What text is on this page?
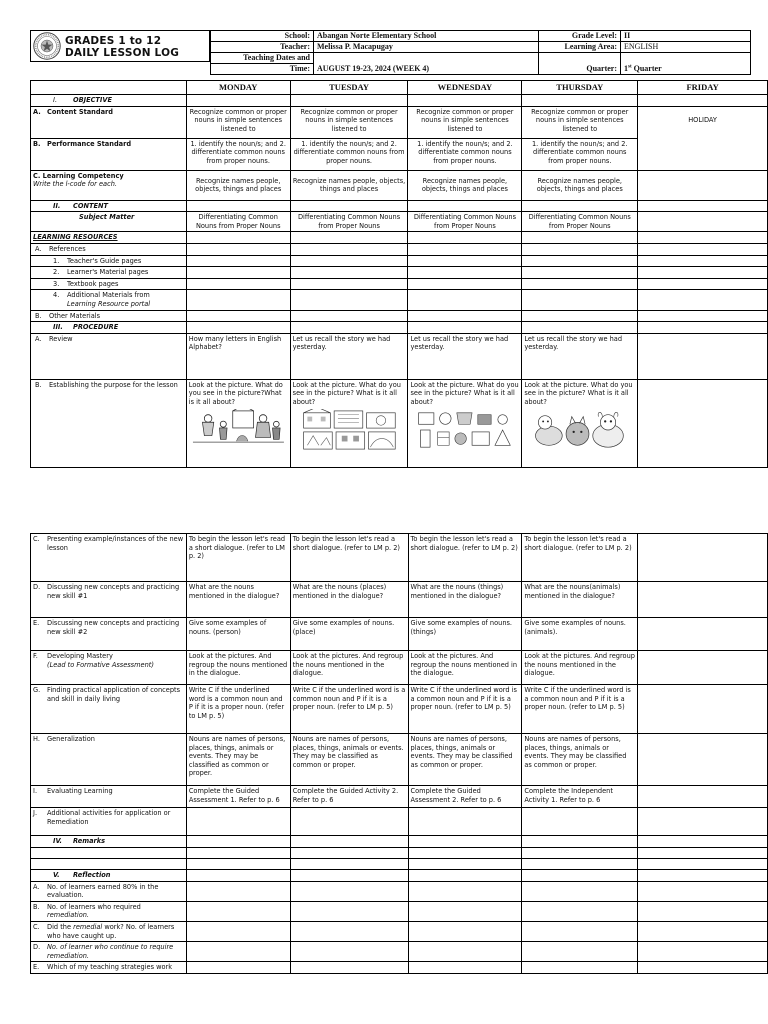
GRADES 1 to 12
DAILY LESSON LOG
School:	Abangan Norte Elementary School	Grade Level:	II
Teacher:	Melissa P. Macapugay	Learning Area:	ENGLISH
Teaching Dates and	AUGUST 19-23, 2024 (WEEK 4)	Quarter:	1st Quarter
Time:			
	MONDAY	TUESDAY	WEDNESDAY	THURSDAY	FRIDAY
I. OBJECTIVE					
A. Content Standard	Recognize common or proper nouns in simple sentences listened to	Recognize common or proper nouns in simple sentences listened to	Recognize common or proper nouns in simple sentences listened to	Recognize common or proper nouns in simple sentences listened to	HOLIDAY
B. Performance Standard	1. identify the noun/s; and 2. differentiate common nouns from proper nouns.	1. identify the noun/s; and 2. differentiate common nouns from proper nouns.	1. identify the noun/s; and 2. differentiate common nouns from proper nouns.	1. identify the noun/s; and 2. differentiate common nouns from proper nouns.	

C. Learning Competency
Write the l-code for each.	Recognize names people, objects, things and places	Recognize names people, objects, things and places	Recognize names people, objects, things and places	Recognize names people, objects, things and places	
II. CONTENT					
Subject Matter	Differentiating Common Nouns from Proper Nouns	Differentiating Common Nouns from Proper Nouns	Differentiating Common Nouns from Proper Nouns	Differentiating Common Nouns from Proper Nouns	
LEARNING RESOURCES					
A. References					
1. Teacher's Guide pages					
2. Learner's Material pages					
3. Textbook pages					

4. Additional Materials from
Learning Resource portal					

B. Other Materials					
III. PROCEDURE					
A. Review	How many letters in English Alphabet?	Let us recall the story we had yesterday.	Let us recall the story we had yesterday.	Let us recall the story we had yesterday.	
B. Establishing the purpose for the lesson	Look at the picture. What do you see in the picture?What is it all about?	Look at the picture. What do you see in the picture? What is it all about?	Look at the picture. What do you see in the picture? What is it all about?	Look at the picture. What do you see in the picture? What is it all about?	

C. Presenting example/instances of the new lesson	To begin the lesson let's read a short dialogue. (refer to LM p. 2)	To begin the lesson let's read a short dialogue. (refer to LM p. 2)	To begin the lesson let's read a short dialogue. (refer to LM p. 2)	To begin the lesson let's read a short dialogue. (refer to LM p. 2)	

D. Discussing new concepts and practicing new skill #1	What are the nouns mentioned in the dialogue?	What are the nouns (places) mentioned in the dialogue?	What are the nouns (things) mentioned in the dialogue?	What are the nouns(animals) mentioned in the dialogue?	

E. Discussing new concepts and practicing new skill #2	Give some examples of nouns. (person)	Give some examples of nouns. (place)	Give some examples of nouns. (things)	Give some examples of nouns. (animals).	

F. Developing Mastery
(Lead to Formative Assessment)	Look at the pictures. And regroup the nouns mentioned in the dialogue.	Look at the pictures. And regroup the nouns mentioned in the dialogue.	Look at the pictures. And regroup the nouns mentioned in the dialogue.	Look at the pictures. And regroup the nouns mentioned in the dialogue.	

G. Finding practical application of concepts and skill in daily living	Write C if the underlined word is a common noun and P if it is a proper noun. (refer to LM p. 5)	Write C if the underlined word is a common noun and P if it is a proper noun. (refer to LM p. 5)	Write C if the underlined word is a common noun and P if it is a proper noun. (refer to LM p. 5)	Write C if the underlined word is a common noun and P if it is a proper noun. (refer to LM p. 5)	

H. Generalization	Nouns are names of persons, places, things, animals or events. They may be classified as common or proper.	Nouns are names of persons, places, things, animals or events. They may be classified as common or proper.	Nouns are names of persons, places, things, animals or events. They may be classified as common or proper.	Nouns are names of persons, places, things, animals or events. They may be classified as common or proper.	

I. Evaluating Learning	Complete the Guided Assessment 1. Refer to p. 6	Complete the Guided Activity 2. Refer to p. 6	Complete the Guided Assessment 2. Refer to p. 6	Complete the Independent Activity 1. Refer to p. 6	

J. Additional activities for application or Remediation					

IV. Remarks					

V. Reflection					

A. No. of learners earned 80% in the evaluation.					

B. No. of learners who required
remediation.					

C. Did the remedial work? No. of learners who have caught up.					

D. No. of learner who continue to require remediation.					

E. Which of my teaching strategies work					
